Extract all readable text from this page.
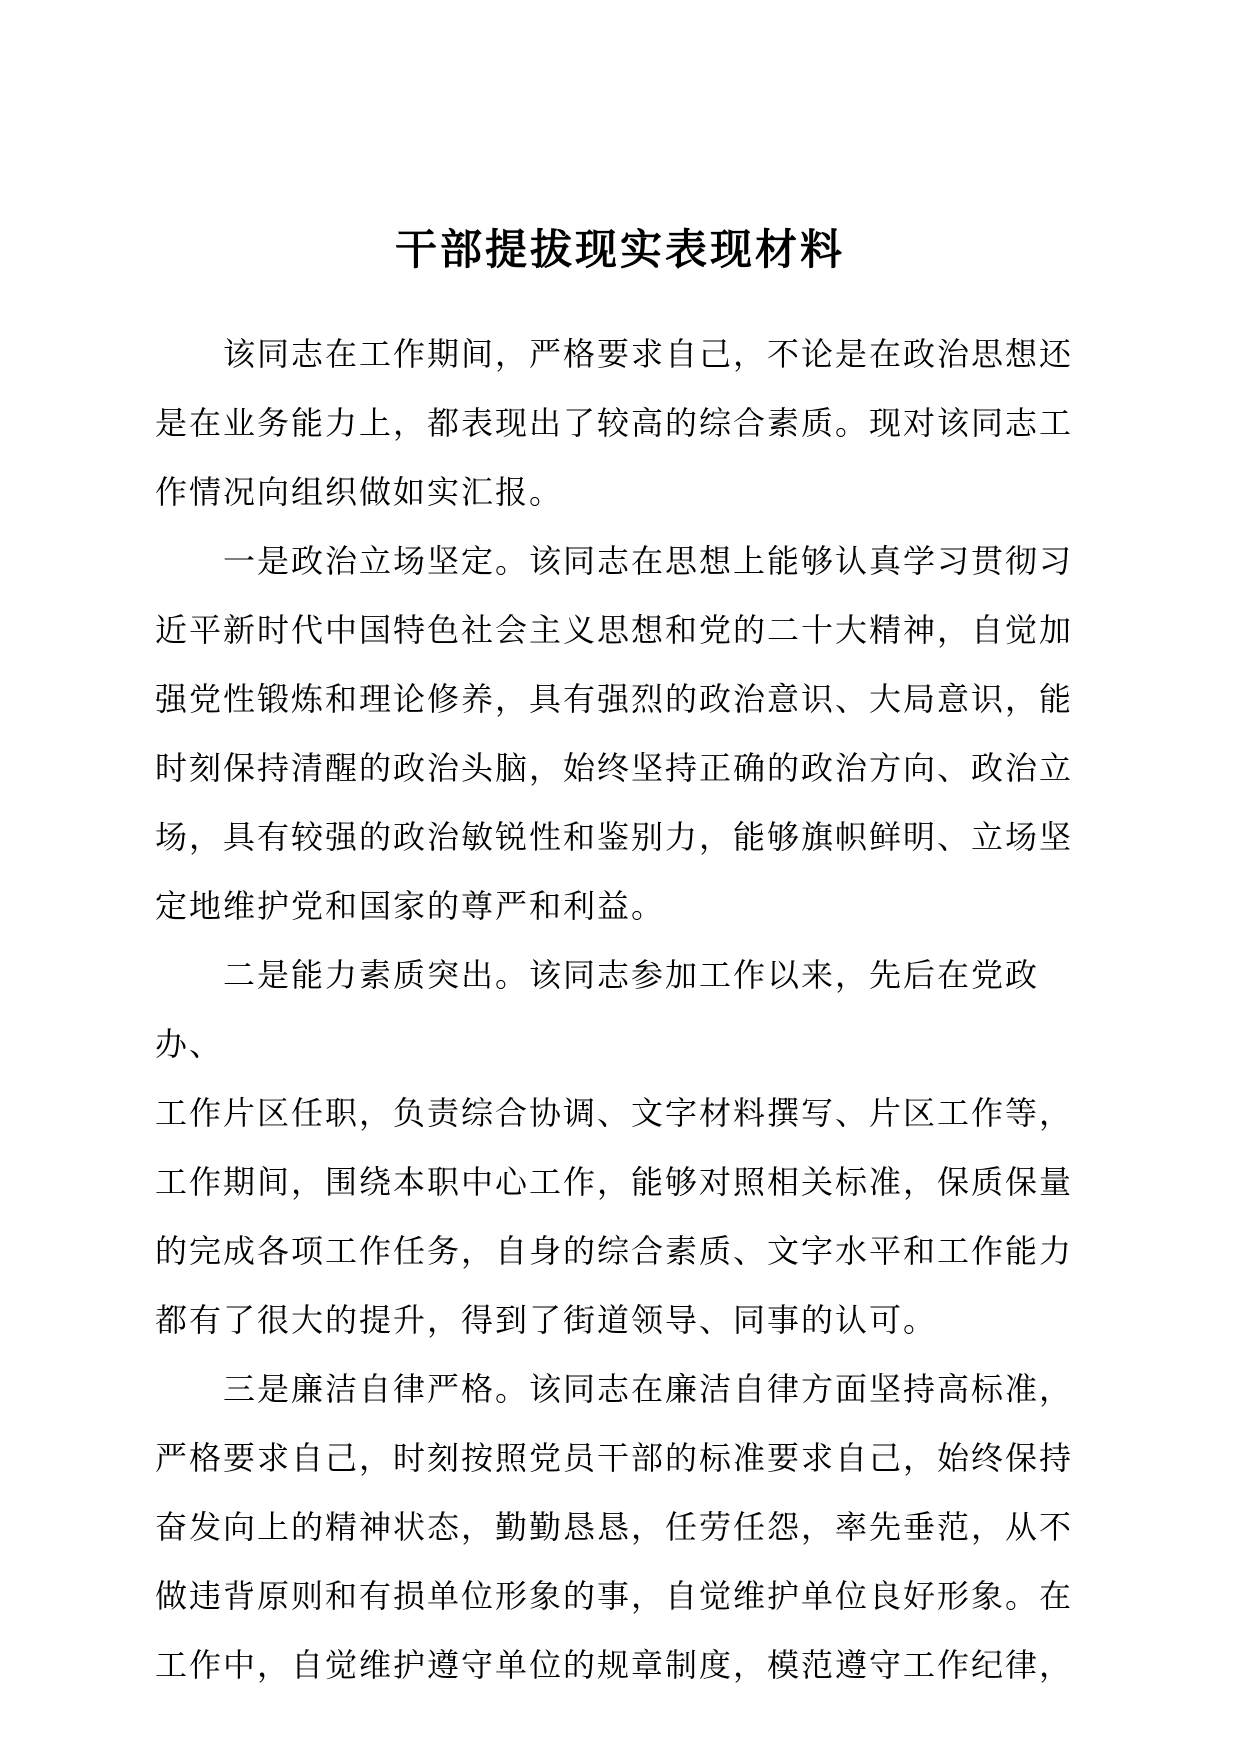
干部提拔现实表现材料

　　该同志在工作期间，严格要求自己，不论是在政治思想还
是在业务能力上，都表现出了较高的综合素质。现对该同志工
作情况向组织做如实汇报。

　　一是政治立场坚定。该同志在思想上能够认真学习贯彻习
近平新时代中国特色社会主义思想和党的二十大精神，自觉加
强党性锻炼和理论修养，具有强烈的政治意识、大局意识，能
时刻保持清醒的政治头脑，始终坚持正确的政治方向、政治立
场，具有较强的政治敏锐性和鉴别力，能够旗帜鲜明、立场坚
定地维护党和国家的尊严和利益。

　　二是能力素质突出。该同志参加工作以来，先后在党政办、
工作片区任职，负责综合协调、文字材料撰写、片区工作等，
工作期间，围绕本职中心工作，能够对照相关标准，保质保量
的完成各项工作任务，自身的综合素质、文字水平和工作能力
都有了很大的提升，得到了街道领导、同事的认可。

　　三是廉洁自律严格。该同志在廉洁自律方面坚持高标准，
严格要求自己，时刻按照党员干部的标准要求自己，始终保持
奋发向上的精神状态，勤勤恳恳，任劳任怨，率先垂范，从不
做违背原则和有损单位形象的事，自觉维护单位良好形象。在
工作中，自觉维护遵守单位的规章制度，模范遵守工作纪律，
